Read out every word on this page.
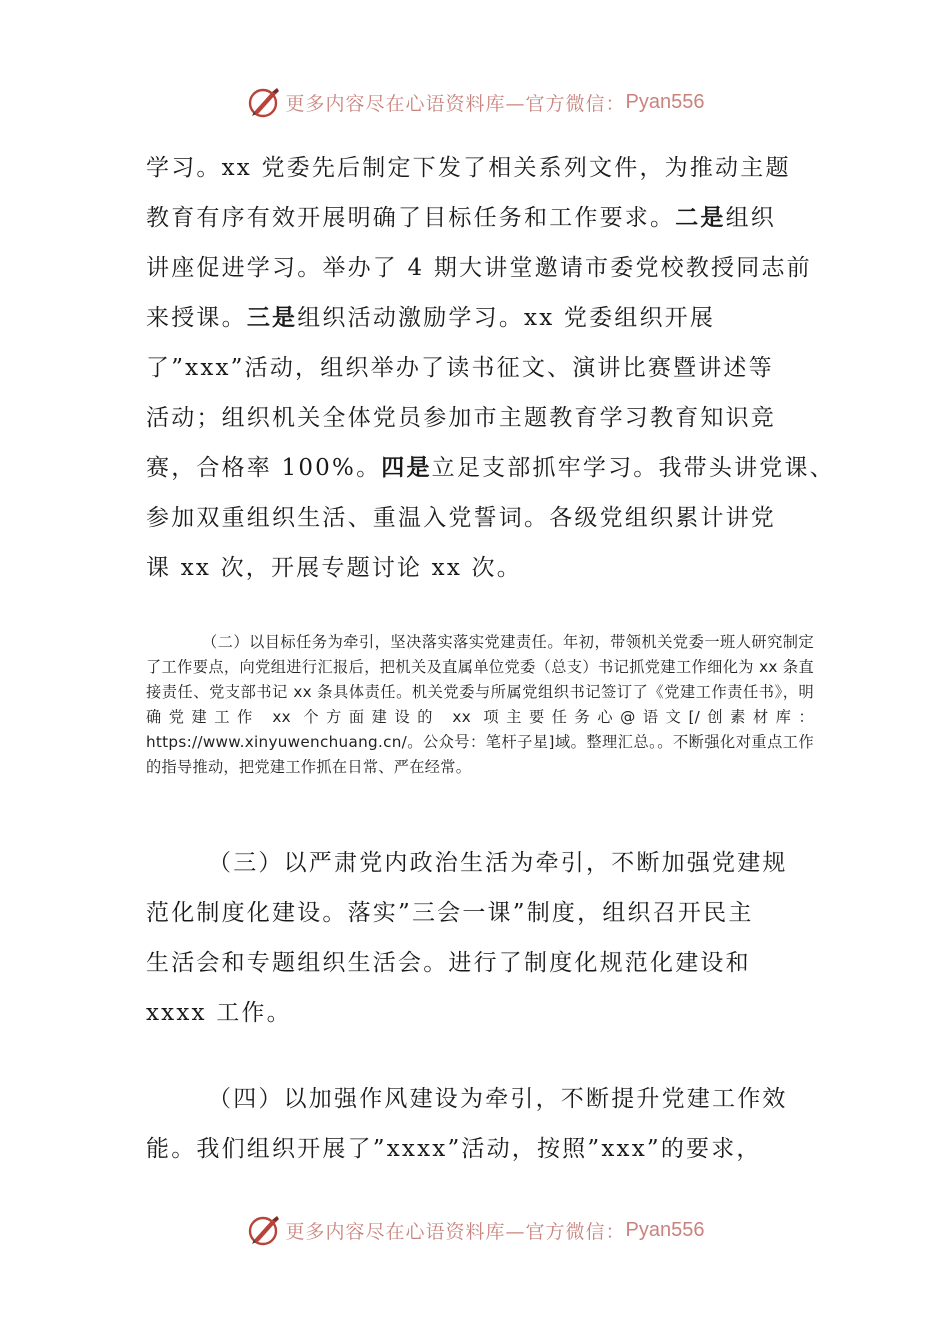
更多内容尽在心语资料库—官方微信： Pyan556
学习。xx 党委先后制定下发了相关系列文件，为推动主题
教育有序有效开展明确了目标任务和工作要求。二是组织
讲座促进学习。举办了 4 期大讲堂邀请市委党校教授同志前
来授课。三是组织活动激励学习。xx 党委组织开展
了”xxx”活动，组织举办了读书征文、演讲比赛暨讲述等
活动；组织机关全体党员参加市主题教育学习教育知识竞
赛，合格率 100%。四是立足支部抓牢学习。我带头讲党课、
参加双重组织生活、重温入党誓词。各级党组织累计讲党
课 xx 次，开展专题讨论 xx 次。

（二）以目标任务为牵引，坚决落实落实党建责任。年初，带领机关党委一班人研究制定了工作要点，向党组进行汇报后，把机关及直属单位党委（总支）书记抓党建工作细化为 xx 条直接责任、党支部书记 xx 条具体责任。机关党委与所属党组织书记签订了《党建工作责任书》，明确党建工作 xx 个方面建设的 xx 项主要任务心@语文[/创素材库：https://www.xinyuwenchuang.cn/。公众号：笔杆子星]域。整理汇总。。不断强化对重点工作的指导推动，把党建工作抓在日常、严在经常。

（三）以严肃党内政治生活为牵引，不断加强党建规
范化制度化建设。落实”三会一课”制度，组织召开民主
生活会和专题组织生活会。进行了制度化规范化建设和
xxxx 工作。
（四）以加强作风建设为牵引，不断提升党建工作效
能。我们组织开展了”xxxx”活动，按照”xxx”的要求，
更多内容尽在心语资料库—官方微信： Pyan556
